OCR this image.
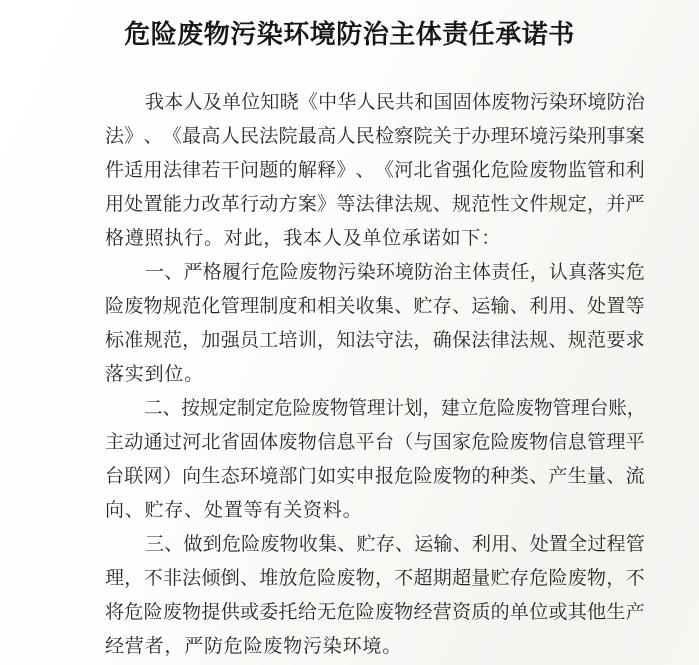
危险废物污染环境防治主体责任承诺书
我 本 人 及 单 位 知 晓 《 中 华 人 民 共 和 国 固 体 废 物 污 染 环 境 防 治
法 》 、 《 最 高 人 民 法 院 最 高 人 民 检 察 院 关 于 办 理 环 境 污 染 刑 事 案
件 适 用 法 律 若 干 问 题 的 解 释 》 、 《 河 北 省 强 化 危 险 废 物 监 管 和 利
用 处 置 能 力 改 革 行 动 方 案 》 等 法 律 法 规 、 规 范 性 文 件 规 定 ， 并 严
格遵照执行。对此，我本人及单位承诺如下：
一 、 严 格 履 行 危 险 废 物 污 染 环 境 防 治 主 体 责 任 ， 认 真 落 实 危
险 废 物 规 范 化 管 理 制 度 和 相 关 收 集 、 贮 存 、 运 输 、 利 用 、 处 置 等
标 准 规 范 ， 加 强 员 工 培 训 ， 知 法 守 法 ， 确 保 法 律 法 规 、 规 范 要 求
落实到位。
二 、 按 规 定 制 定 危 险 废 物 管 理 计 划 ， 建 立 危 险 废 物 管 理 台 账 ，
主 动 通 过 河 北 省 固 体 废 物 信 息 平 台 （ 与 国 家 危 险 废 物 信 息 管 理 平
台 联 网 ） 向 生 态 环 境 部 门 如 实 申 报 危 险 废 物 的 种 类 、 产 生 量 、 流
向、贮存、处置等有关资料。
三 、 做 到 危 险 废 物 收 集 、 贮 存 、 运 输 、 利 用 、 处 置 全 过 程 管
理 ， 不 非 法 倾 倒 、 堆 放 危 险 废 物 ， 不 超 期 超 量 贮 存 危 险 废 物 ， 不
将 危 险 废 物 提 供 或 委 托 给 无 危 险 废 物 经 营 资 质 的 单 位 或 其 他 生 产
经营者，严防危险废物污染环境。
